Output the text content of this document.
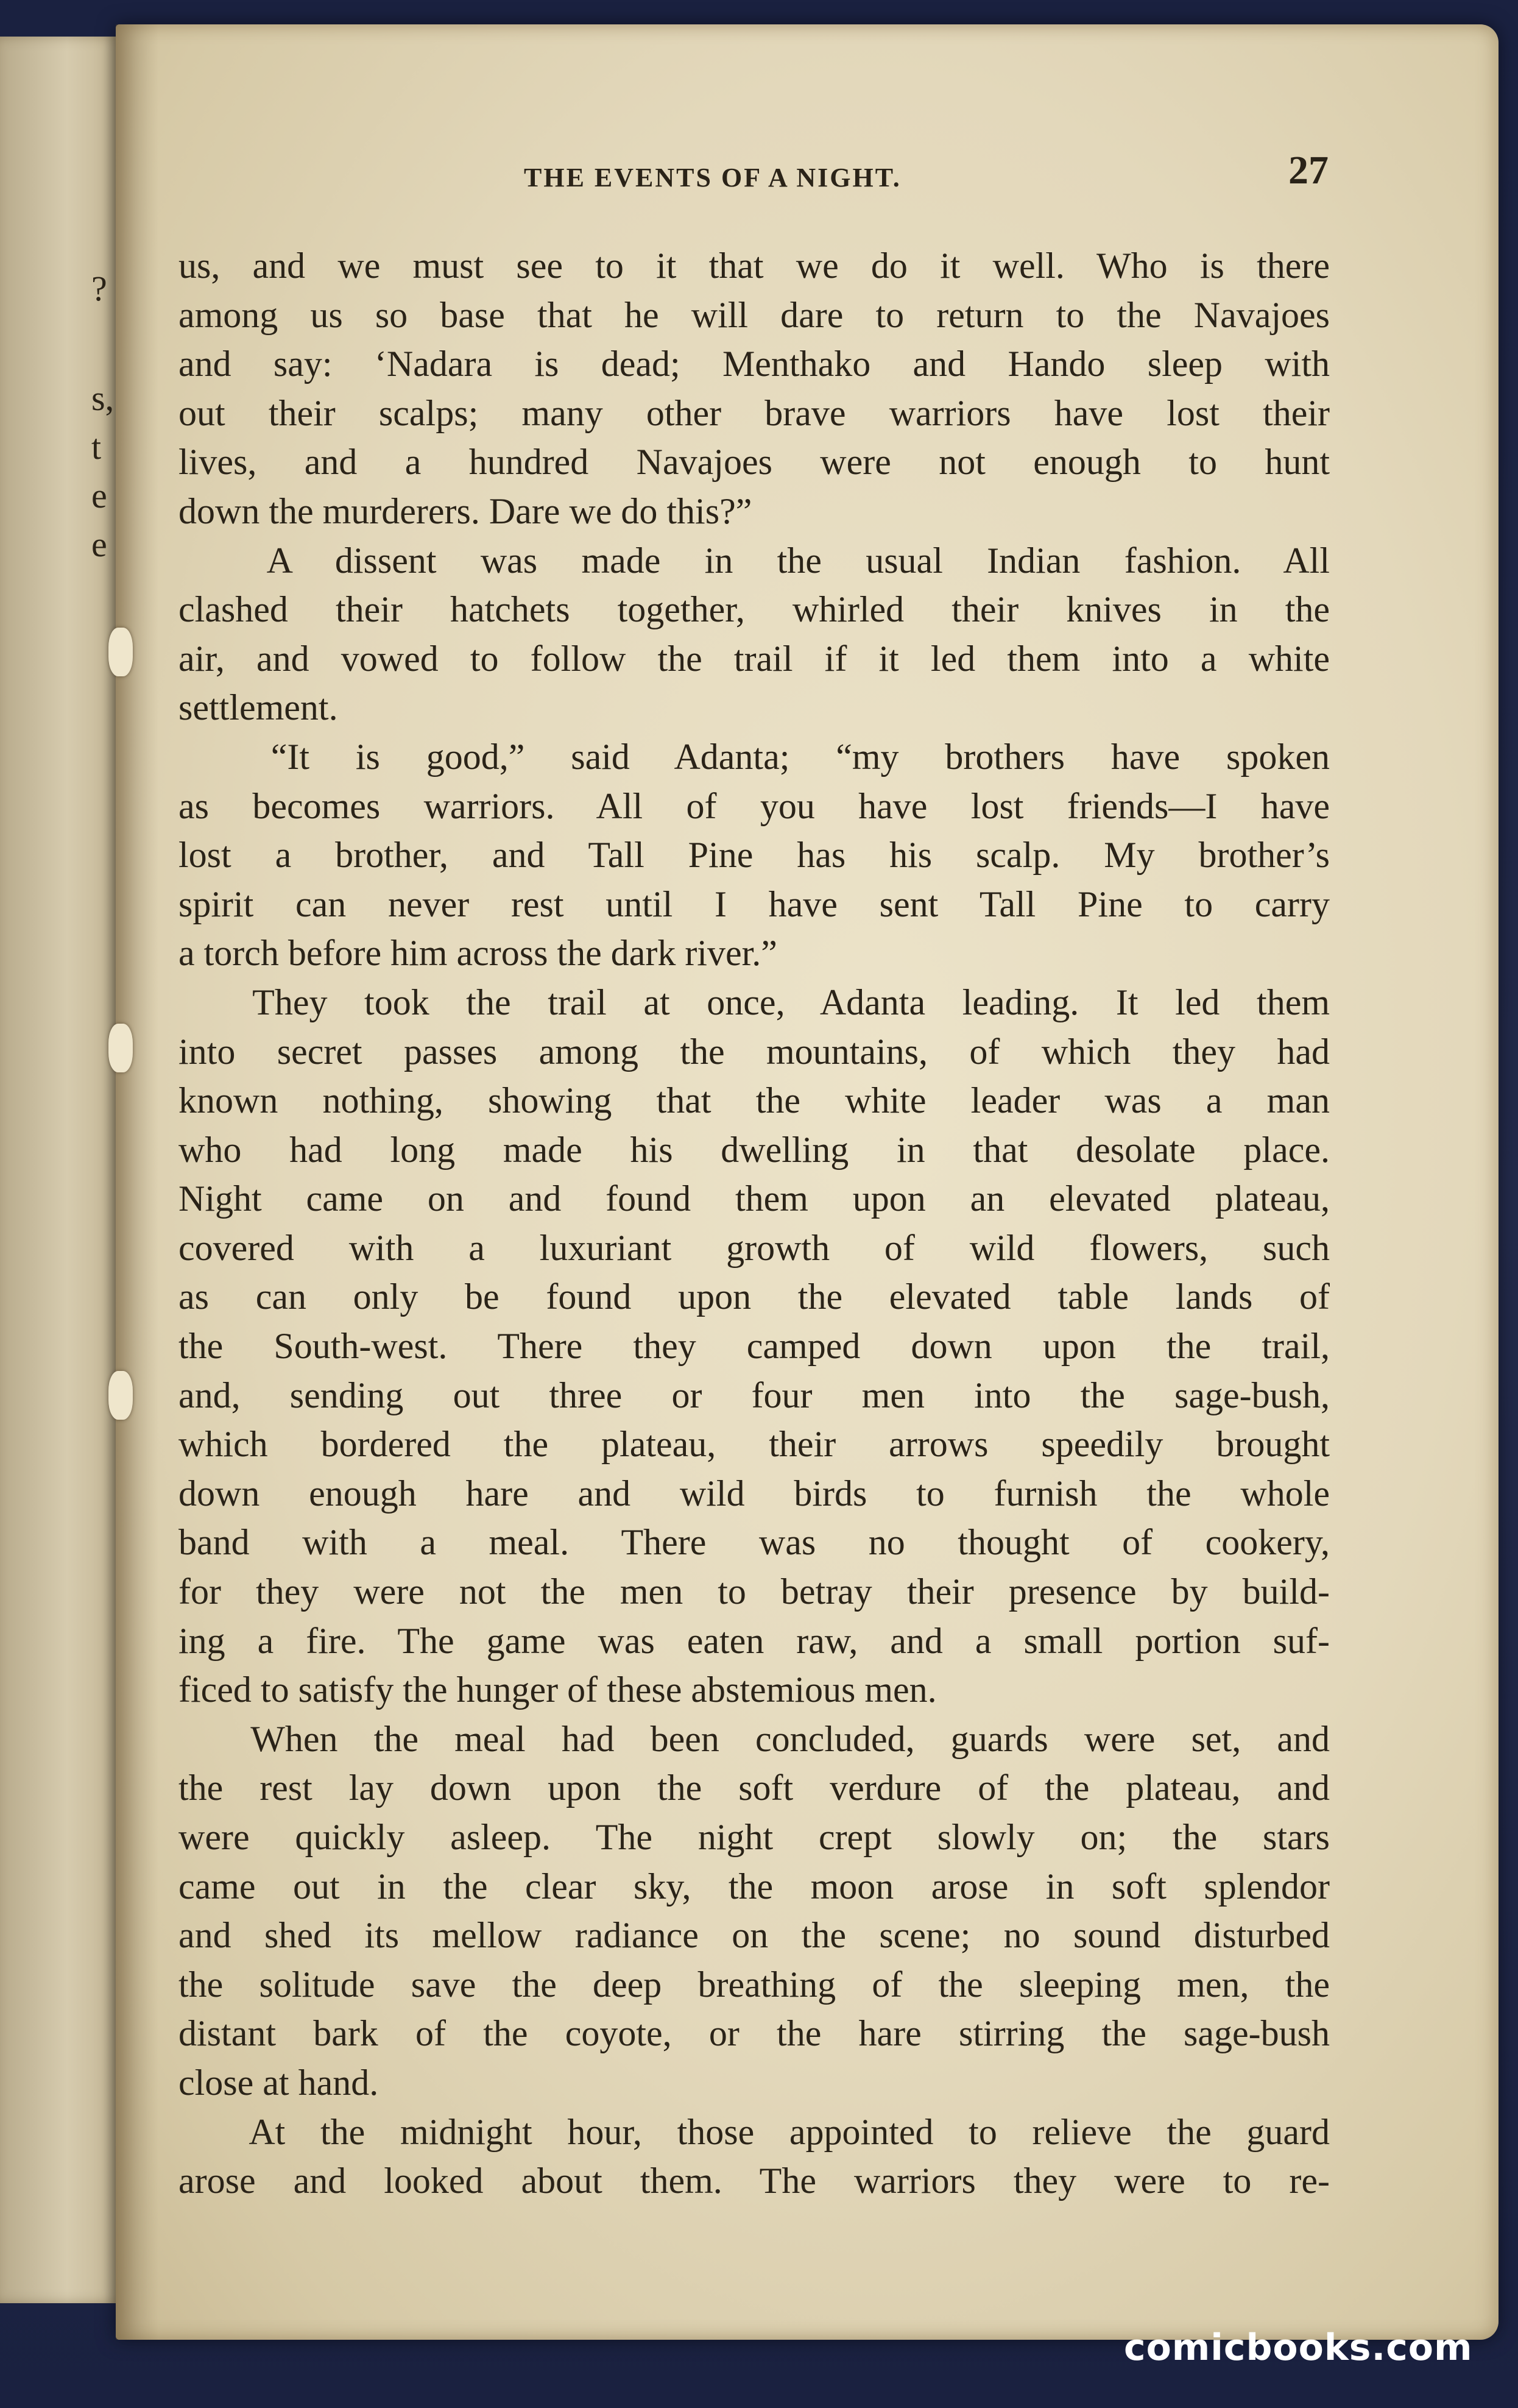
?
s,
t
e
e
THE EVENTS OF A NIGHT.	27
us, and we must see to it that we do it well. Who is there
among us so base that he will dare to return to the Navajoes
and say: ‘Nadara is dead; Menthako and Hando sleep with
out their scalps; many other brave warriors have lost their
lives, and a hundred Navajoes were not enough to hunt
down the murderers. Dare we do this?”
A dissent was made in the usual Indian fashion. All
clashed their hatchets together, whirled their knives in the
air, and vowed to follow the trail if it led them into a white
settlement.
“It is good,” said Adanta; “my brothers have spoken
as becomes warriors. All of you have lost friends—I have
lost a brother, and Tall Pine has his scalp. My brother’s
spirit can never rest until I have sent Tall Pine to carry
a torch before him across the dark river.”
They took the trail at once, Adanta leading. It led them
into secret passes among the mountains, of which they had
known nothing, showing that the white leader was a man
who had long made his dwelling in that desolate place.
Night came on and found them upon an elevated plateau,
covered with a luxuriant growth of wild flowers, such
as can only be found upon the elevated table lands of
the South-west. There they camped down upon the trail,
and, sending out three or four men into the sage-bush,
which bordered the plateau, their arrows speedily brought
down enough hare and wild birds to furnish the whole
band with a meal. There was no thought of cookery,
for they were not the men to betray their presence by build-
ing a fire. The game was eaten raw, and a small portion suf-
ficed to satisfy the hunger of these abstemious men.
When the meal had been concluded, guards were set, and
the rest lay down upon the soft verdure of the plateau, and
were quickly asleep. The night crept slowly on; the stars
came out in the clear sky, the moon arose in soft splendor
and shed its mellow radiance on the scene; no sound disturbed
the solitude save the deep breathing of the sleeping men, the
distant bark of the coyote, or the hare stirring the sage-bush
close at hand.
At the midnight hour, those appointed to relieve the guard
arose and looked about them. The warriors they were to re-
comicbooks.com
